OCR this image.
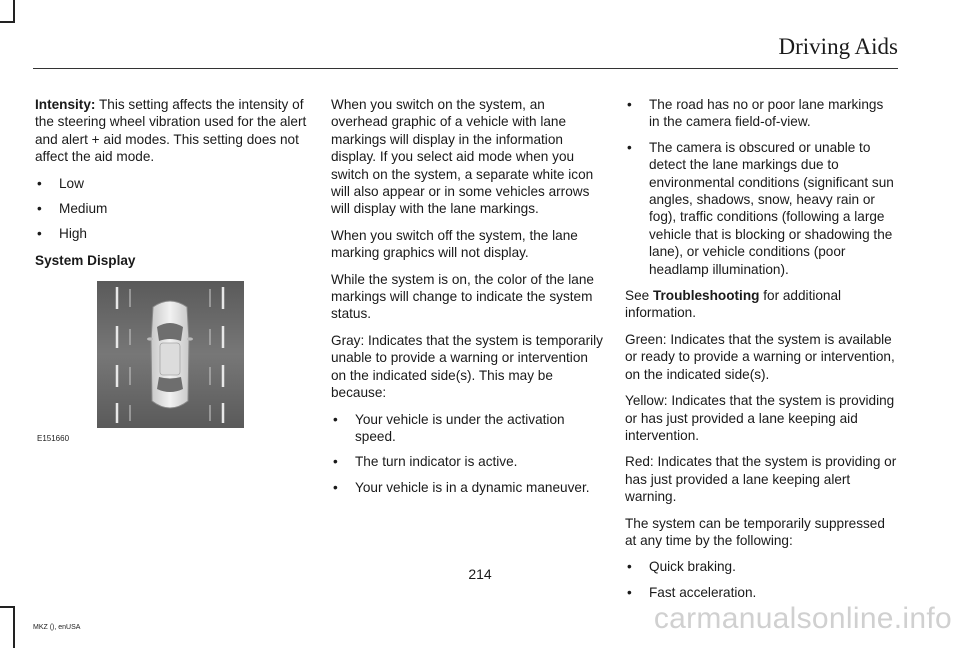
Driving Aids

Intensity: This setting affects the intensity of the steering wheel vibration used for the alert and alert + aid modes. This setting does not affect the aid mode.

• Low
• Medium
• High

System Display

E151660

When you switch on the system, an overhead graphic of a vehicle with lane markings will display in the information display. If you select aid mode when you switch on the system, a separate white icon will also appear or in some vehicles arrows will display with the lane markings.

When you switch off the system, the lane marking graphics will not display.

While the system is on, the color of the lane markings will change to indicate the system status.

Gray: Indicates that the system is temporarily unable to provide a warning or intervention on the indicated side(s). This may be because:

• Your vehicle is under the activation speed.
• The turn indicator is active.
• Your vehicle is in a dynamic maneuver.
• The road has no or poor lane markings in the camera field-of-view.
• The camera is obscured or unable to detect the lane markings due to environmental conditions (significant sun angles, shadows, snow, heavy rain or fog), traffic conditions (following a large vehicle that is blocking or shadowing the lane), or vehicle conditions (poor headlamp illumination).

See Troubleshooting for additional information.

Green: Indicates that the system is available or ready to provide a warning or intervention, on the indicated side(s).

Yellow: Indicates that the system is providing or has just provided a lane keeping aid intervention.

Red: Indicates that the system is providing or has just provided a lane keeping alert warning.

The system can be temporarily suppressed at any time by the following:

• Quick braking.
• Fast acceleration.
214
MKZ (), enUSA	carmanualsonline.info
